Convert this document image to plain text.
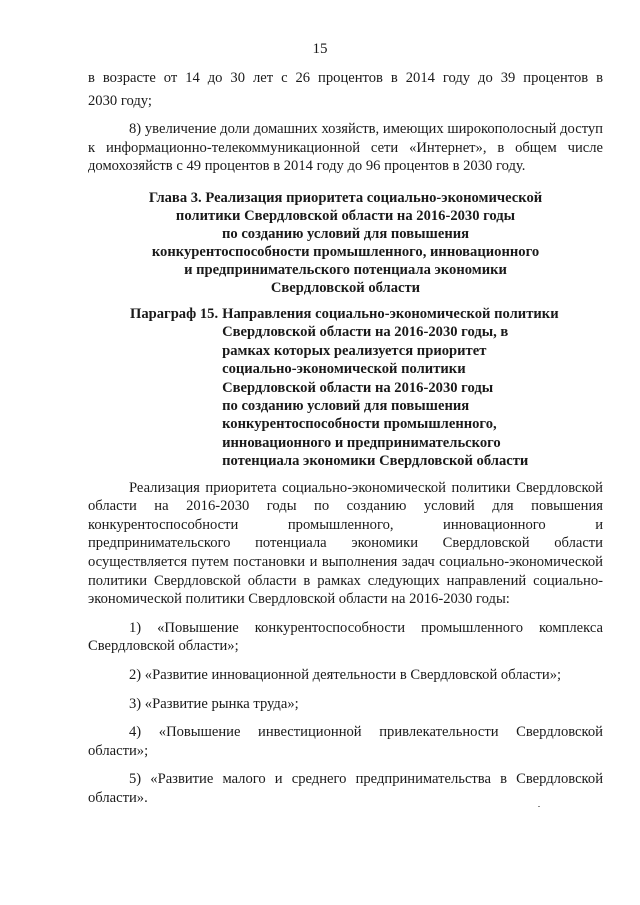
15
в возрасте от 14 до 30 лет с 26 процентов в 2014 году до 39 процентов в
2030 году;
8) увеличение доли домашних хозяйств, имеющих широкополосный доступ к информационно-телекоммуникационной сети «Интернет», в общем числе домохозяйств с 49 процентов в 2014 году до 96 процентов в 2030 году.
Глава 3. Реализация приоритета социально-экономической
политики Свердловской области на 2016-2030 годы
по созданию условий для повышения
конкурентоспособности промышленного, инновационного
и предпринимательского потенциала экономики
Свердловской области
Параграф 15. Направления социально-экономической политики
Свердловской области на 2016-2030 годы, в
рамках которых реализуется приоритет
социально-экономической политики
Свердловской области на 2016-2030 годы
по созданию условий для повышения
конкурентоспособности промышленного,
инновационного и предпринимательского
потенциала экономики Свердловской области
Реализация приоритета социально-экономической политики Свердловской области на 2016-2030 годы по созданию условий для повышения конкурентоспособности промышленного, инновационного и предпринимательского потенциала экономики Свердловской области осуществляется путем постановки и выполнения задач социально-экономической политики Свердловской области в рамках следующих направлений социально-экономической политики Свердловской области на 2016-2030 годы:
1) «Повышение конкурентоспособности промышленного комплекса Свердловской области»;
2) «Развитие инновационной деятельности в Свердловской области»;
3) «Развитие рынка труда»;
4) «Повышение инвестиционной привлекательности Свердловской области»;
5) «Развитие малого и среднего предпринимательства в Свердловской области».
